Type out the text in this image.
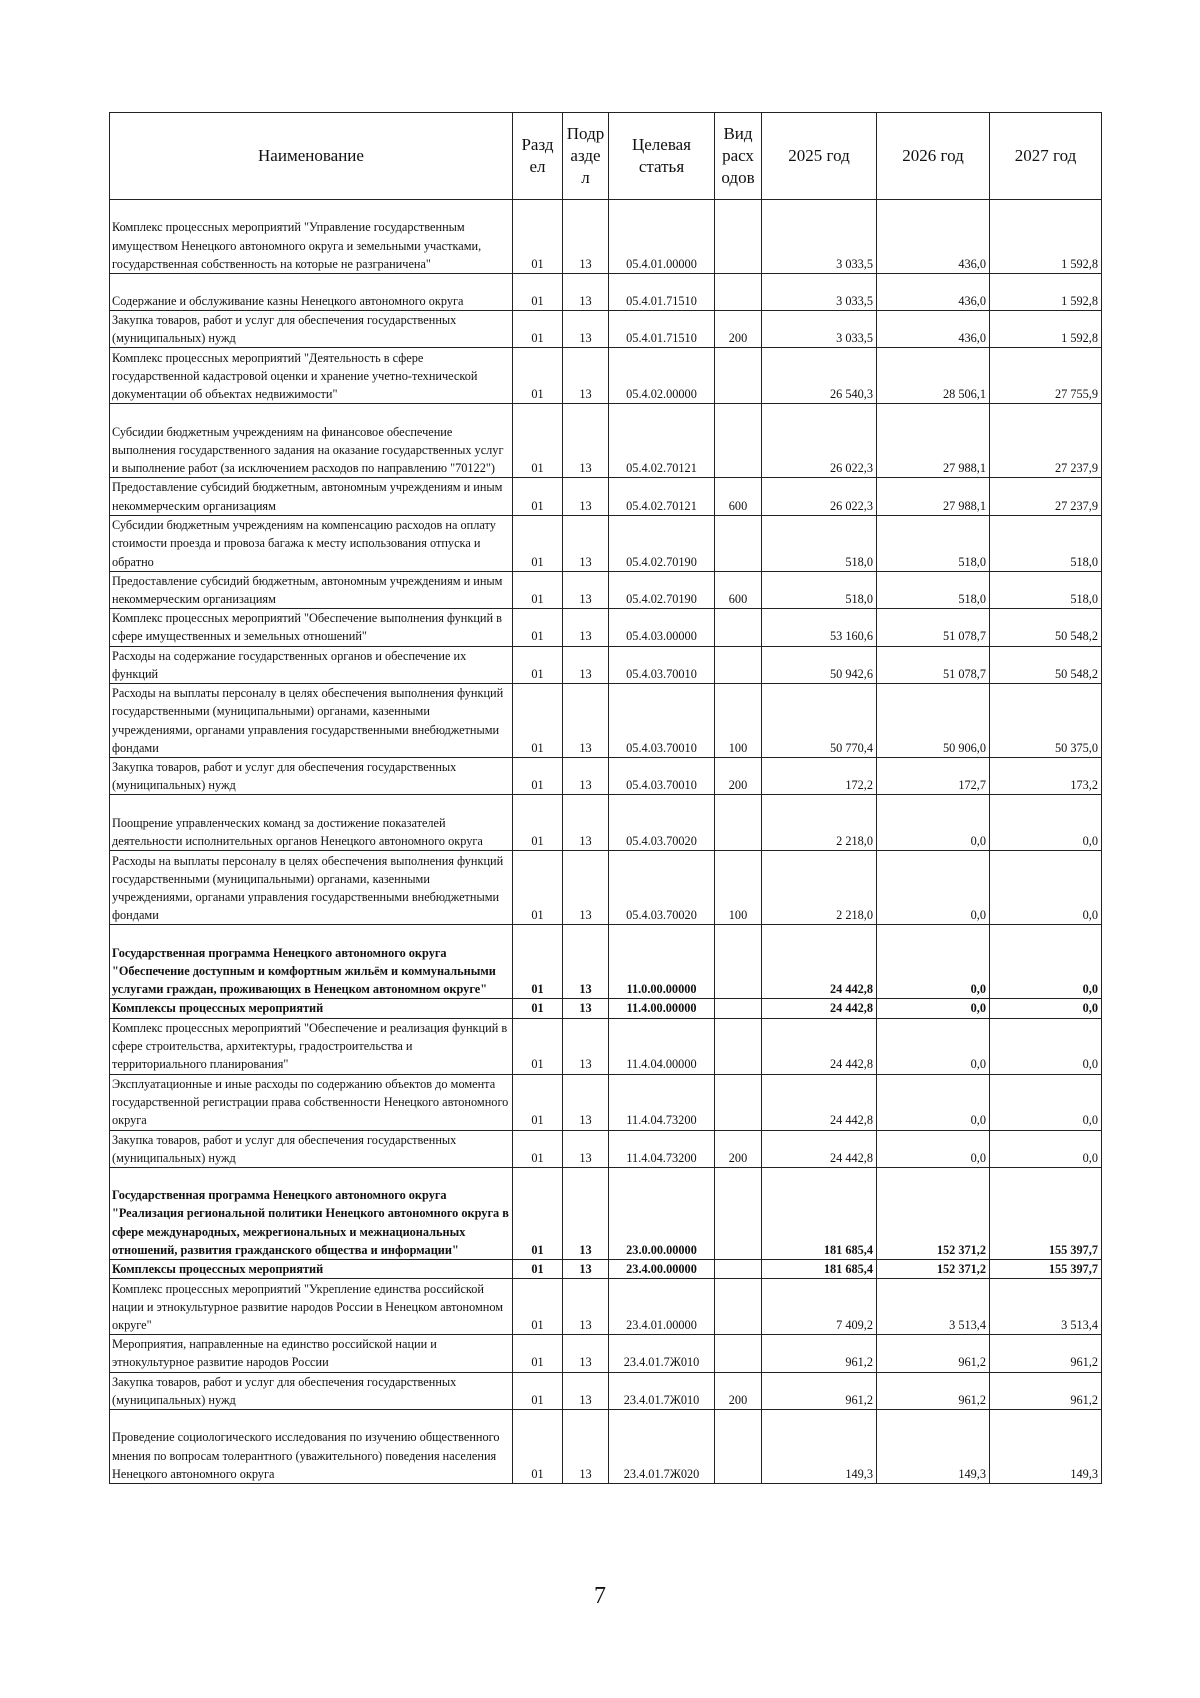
Наименование	Разд ел	Подр азде л	Целевая статья	Вид расх одов	2025 год	2026 год	2027 год
Комплекс процессных мероприятий "Управление государственным имуществом Ненецкого автономного округа и земельными участками, государственная собственность на которые не разграничена"	01	13	05.4.01.00000		3 033,5	436,0	1 592,8
Содержание и обслуживание казны Ненецкого автономного округа	01	13	05.4.01.71510		3 033,5	436,0	1 592,8
Закупка товаров, работ и услуг для обеспечения государственных (муниципальных) нужд	01	13	05.4.01.71510	200	3 033,5	436,0	1 592,8
Комплекс процессных мероприятий "Деятельность в сфере государственной кадастровой оценки и хранение учетно-технической документации об объектах недвижимости"	01	13	05.4.02.00000		26 540,3	28 506,1	27 755,9
Субсидии бюджетным учреждениям на финансовое обеспечение выполнения государственного задания на оказание государственных услуг и выполнение работ (за исключением расходов по направлению "70122")	01	13	05.4.02.70121		26 022,3	27 988,1	27 237,9
Предоставление субсидий бюджетным, автономным учреждениям и иным некоммерческим организациям	01	13	05.4.02.70121	600	26 022,3	27 988,1	27 237,9
Субсидии бюджетным учреждениям на компенсацию расходов на оплату стоимости проезда и провоза багажа к месту использования отпуска и обратно	01	13	05.4.02.70190		518,0	518,0	518,0
Предоставление субсидий бюджетным, автономным учреждениям и иным некоммерческим организациям	01	13	05.4.02.70190	600	518,0	518,0	518,0
Комплекс процессных мероприятий "Обеспечение выполнения функций в сфере имущественных и земельных отношений"	01	13	05.4.03.00000		53 160,6	51 078,7	50 548,2
Расходы на содержание государственных органов и обеспечение их функций	01	13	05.4.03.70010		50 942,6	51 078,7	50 548,2
Расходы на выплаты персоналу в целях обеспечения выполнения функций государственными (муниципальными) органами, казенными учреждениями, органами управления государственными внебюджетными фондами	01	13	05.4.03.70010	100	50 770,4	50 906,0	50 375,0
Закупка товаров, работ и услуг для обеспечения государственных (муниципальных) нужд	01	13	05.4.03.70010	200	172,2	172,7	173,2
Поощрение управленческих команд за достижение показателей деятельности исполнительных органов Ненецкого автономного округа	01	13	05.4.03.70020		2 218,0	0,0	0,0
Расходы на выплаты персоналу в целях обеспечения выполнения функций государственными (муниципальными) органами, казенными учреждениями, органами управления государственными внебюджетными фондами	01	13	05.4.03.70020	100	2 218,0	0,0	0,0
Государственная программа Ненецкого автономного округа "Обеспечение доступным и комфортным жильём и коммунальными услугами граждан, проживающих в Ненецком автономном округе"	01	13	11.0.00.00000		24 442,8	0,0	0,0
Комплексы процессных мероприятий	01	13	11.4.00.00000		24 442,8	0,0	0,0
Комплекс процессных мероприятий "Обеспечение и реализация функций в сфере строительства, архитектуры, градостроительства и территориального планирования"	01	13	11.4.04.00000		24 442,8	0,0	0,0
Эксплуатационные и иные расходы по содержанию объектов до момента государственной регистрации права собственности Ненецкого автономного округа	01	13	11.4.04.73200		24 442,8	0,0	0,0
Закупка товаров, работ и услуг для обеспечения государственных (муниципальных) нужд	01	13	11.4.04.73200	200	24 442,8	0,0	0,0
Государственная программа Ненецкого автономного округа "Реализация региональной политики Ненецкого автономного округа в сфере международных, межрегиональных и межнациональных отношений, развития гражданского общества и информации"	01	13	23.0.00.00000		181 685,4	152 371,2	155 397,7
Комплексы процессных мероприятий	01	13	23.4.00.00000		181 685,4	152 371,2	155 397,7
Комплекс процессных мероприятий "Укрепление единства российской нации и этнокультурное развитие народов России в Ненецком автономном округе"	01	13	23.4.01.00000		7 409,2	3 513,4	3 513,4
Мероприятия, направленные на единство российской нации и этнокультурное развитие народов России	01	13	23.4.01.7Ж010		961,2	961,2	961,2
Закупка товаров, работ и услуг для обеспечения государственных (муниципальных) нужд	01	13	23.4.01.7Ж010	200	961,2	961,2	961,2
Проведение социологического исследования по изучению общественного мнения по вопросам толерантного (уважительного) поведения населения Ненецкого автономного округа	01	13	23.4.01.7Ж020		149,3	149,3	149,3
7
